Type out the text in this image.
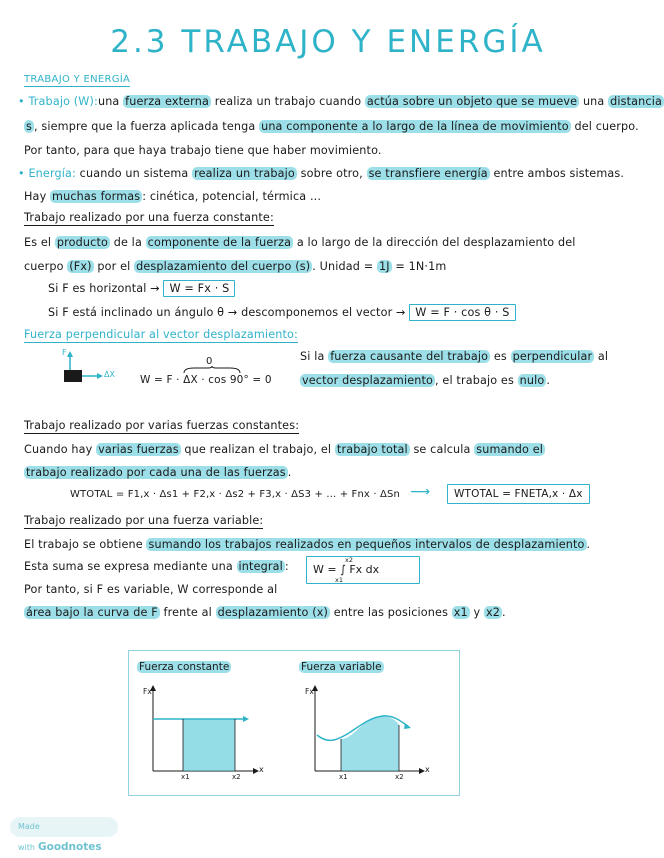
2.3 TRABAJO Y ENERGÍA
TRABAJO Y ENERGÍA
• Trabajo (W):una fuerza externa realiza un trabajo cuando actúa sobre un objeto que se mueve una distancia
s , siempre que la fuerza aplicada tenga una componente a lo largo de la línea de movimiento del cuerpo.
Por tanto, para que haya trabajo tiene que haber movimiento.
• Energía: cuando un sistema realiza un trabajo sobre otro, se transfiere energía entre ambos sistemas.
Hay muchas formas : cinética, potencial, térmica ...
Trabajo realizado por una fuerza constante:
Es el producto de la componente de la fuerza a lo largo de la dirección del desplazamiento del
cuerpo (Fx) por el desplazamiento del cuerpo (s) . Unidad = 1J = 1N·1m
Si F es horizontal → W = Fx · S
Si F está inclinado un ángulo θ → descomponemos el vector → W = F · cos θ · S
Fuerza perpendicular al vector desplazamiento:
F
ΔX
0
W = F · ΔX · cos 90° = 0
Si la fuerza causante del trabajo es perpendicular al
vector desplazamiento , el trabajo es nulo .
Trabajo realizado por varias fuerzas constantes:
Cuando hay varias fuerzas que realizan el trabajo, el trabajo total se calcula sumando el
trabajo realizado por cada una de las fuerzas .
WTOTAL = F1,x · Δs1 + F2,x · Δs2 + F3,x · ΔS3 + ... + Fnx · ΔSn ⟶	WTOTAL = FNETA,x · Δx
Trabajo realizado por una fuerza variable:
El trabajo se obtiene sumando los trabajos realizados en pequeños intervalos de desplazamiento .
Esta suma se expresa mediante una integral : W = ∫ Fx dx
x2
x1
Por tanto, si F es variable, W corresponde al
área bajo la curva de F frente al desplazamiento (x) entre las posiciones x1 y x2 .
Fuerza constante	Fuerza variable
Fx
x
x1	x2
Fx
x
x1	x2
Made with Goodnotes
